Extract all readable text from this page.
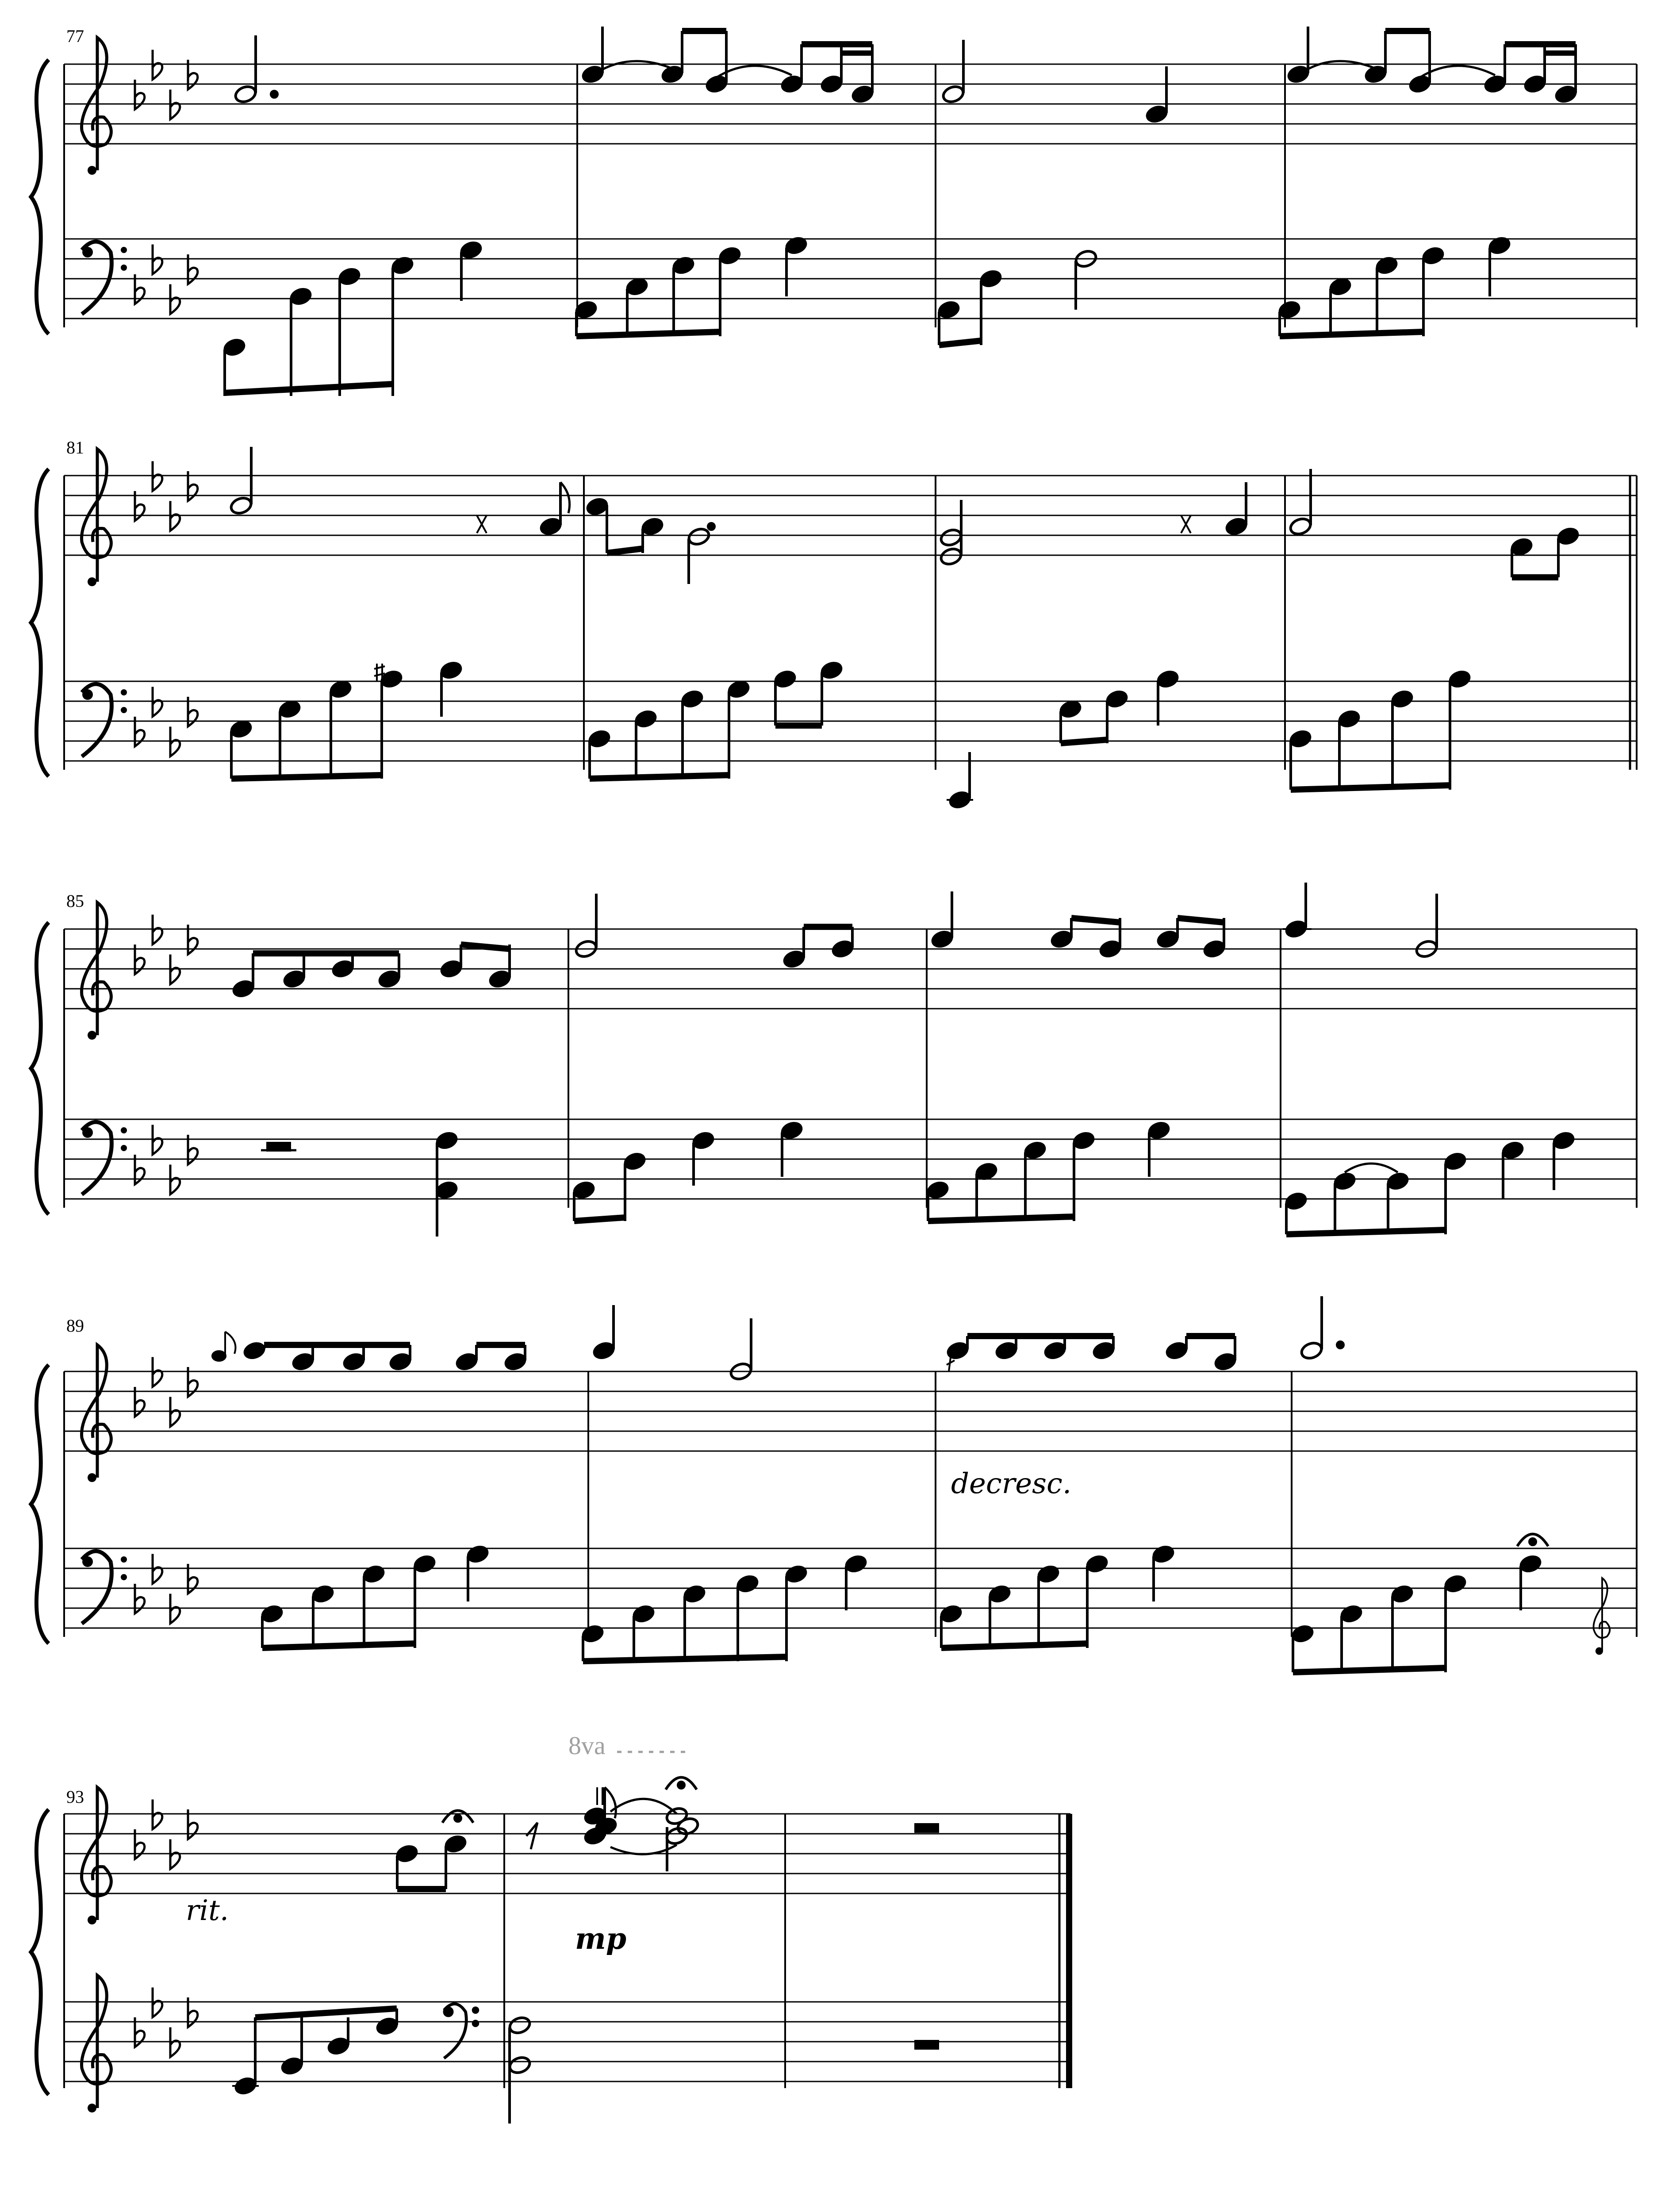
77
81
85
89
decresc.
93
8va
rit.
mp
